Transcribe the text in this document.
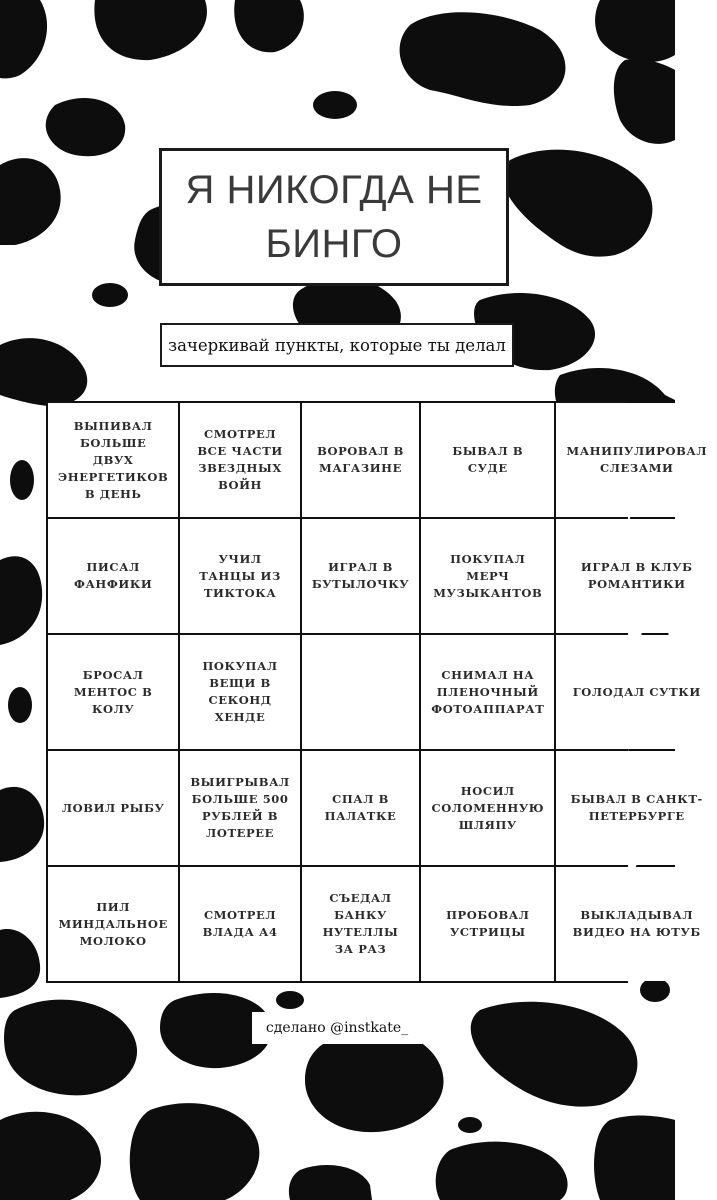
Я НИКОГДА НЕ
БИНГО
зачеркивай пункты, которые ты делал
ВЫПИВАЛ БОЛЬШЕ ДВУХ ЭНЕРГЕТИКОВ В ДЕНЬ
СМОТРЕЛ ВСЕ ЧАСТИ ЗВЕЗДНЫХ ВОЙН
ВОРОВАЛ В МАГАЗИНЕ
БЫВАЛ В СУДЕ
МАНИПУЛИРОВАЛ СЛЕЗАМИ
ПИСАЛ ФАНФИКИ
УЧИЛ ТАНЦЫ ИЗ ТИКТОКА
ИГРАЛ В БУТЫЛОЧКУ
ПОКУПАЛ МЕРЧ МУЗЫКАНТОВ
ИГРАЛ В КЛУБ РОМАНТИКИ
БРОСАЛ МЕНТОС В КОЛУ
ПОКУПАЛ ВЕЩИ В СЕКОНД ХЕНДЕ
СНИМАЛ НА ПЛЕНОЧНЫЙ ФОТОАППАРАТ
ГОЛОДАЛ СУТКИ
ЛОВИЛ РЫБУ
ВЫИГРЫВАЛ БОЛЬШЕ 500 РУБЛЕЙ В ЛОТЕРЕЕ
СПАЛ В ПАЛАТКЕ
НОСИЛ СОЛОМЕННУЮ ШЛЯПУ
БЫВАЛ В САНКТ-ПЕТЕРБУРГЕ
ПИЛ МИНДАЛЬНОЕ МОЛОКО
СМОТРЕЛ ВЛАДА А4
СЪЕДАЛ БАНКУ НУТЕЛЛЫ ЗА РАЗ
ПРОБОВАЛ УСТРИЦЫ
ВЫКЛАДЫВАЛ ВИДЕО НА ЮТУБ
сделано @instkate_
